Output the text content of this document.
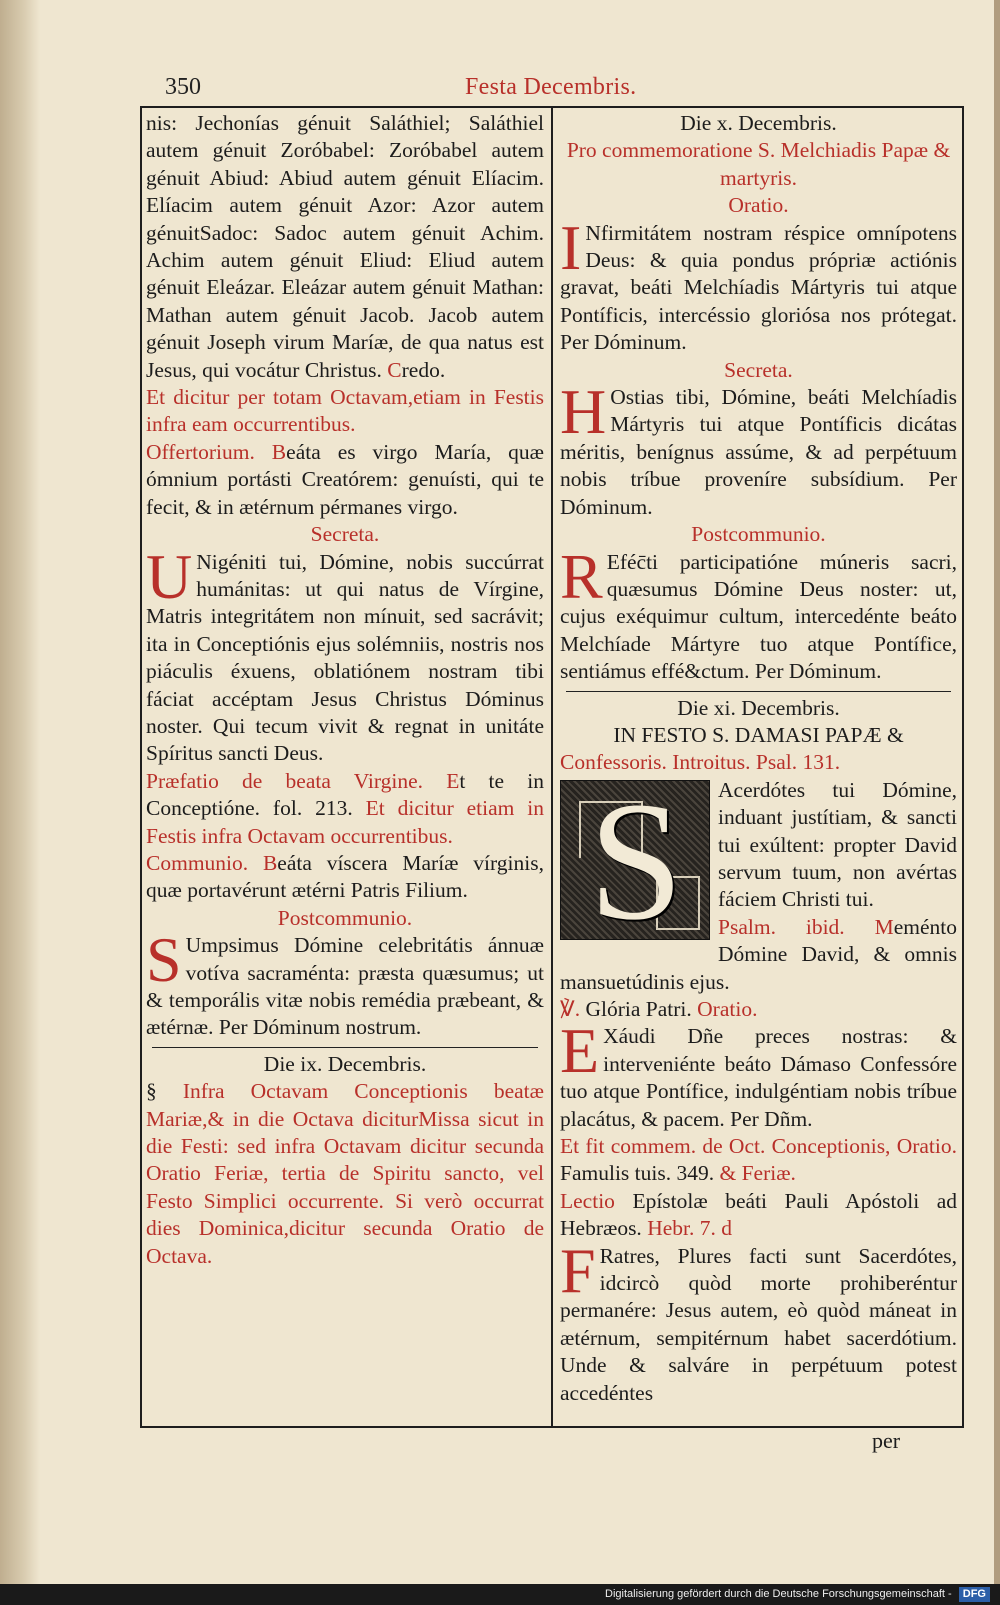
350	Festa Decembris.

nis: Jechonías génuit Saláthiel; Saláthiel autem génuit Zoróbabel: Zoróbabel autem génuit Abiud: Abiud autem génuit Elíacim. Elíacim autem génuit Azor: Azor autem génuitSadoc: Sadoc autem génuit Achim. Achim autem génuit Eliud: Eliud autem génuit Eleázar. Eleázar autem génuit Mathan: Mathan autem génuit Jacob. Jacob autem génuit Joseph virum Maríæ, de qua natus est Jesus, qui vocátur Christus. Credo.

Et dicitur per totam Octavam,etiam in Festis infra eam occurrentibus.

Offertorium. Beáta es virgo María, quæ ómnium portásti Creatórem: genuísti, qui te fecit, & in ætérnum pérmanes virgo.

Secreta.

U Nigéniti tui, Dómine, nobis succúrrat humánitas: ut qui natus de Vírgine, Matris integritátem non mínuit, sed sacrávit; ita in Conceptiónis ejus solémniis, nostris nos piáculis éxuens, oblatiónem nostram tibi fáciat accéptam Jesus Christus Dóminus noster. Qui tecum vivit & regnat in unitáte Spíritus sancti Deus.

Præfatio de beata Virgine. Et te in Conceptióne. fol. 213. Et dicitur etiam in Festis infra Octavam occurrentibus.

Communio. Beáta víscera Maríæ vírginis, quæ portavérunt ætérni Patris Filium.

Postcommunio.

S Umpsimus Dómine celebritátis ánnuæ votíva sacraménta: præsta quæsumus; ut & temporális vitæ nobis remédia præbeant, & ætérnæ. Per Dóminum nostrum.

Die ix. Decembris.

§ Infra Octavam Conceptionis beatæ Mariæ,& in die Octava diciturMissa sicut in die Festi: sed infra Octavam dicitur secunda Oratio Feriæ, tertia de Spiritu sancto, vel Festo Simplici occurrente. Si verò occurrat dies Dominica,dicitur secunda Oratio de Octava.

Die x. Decembris.

Pro commemoratione S. Melchiadis Papæ & martyris.

Oratio.

I Nfirmitátem nostram réspice omnípotens Deus: & quia pondus própriæ actiónis gravat, beáti Melchíadis Mártyris tui atque Pontíficis, intercéssio gloriósa nos prótegat. Per Dóminum.

Secreta.

H Ostias tibi, Dómine, beáti Melchíadis Mártyris tui atque Pontíficis dicátas méritis, benígnus assúme, & ad perpétuum nobis tríbue proveníre subsídium. Per Dóminum.

Postcommunio.

R Eféc̄ti participatióne múneris sacri, quæsumus Dómine Deus noster: ut, cujus exéquimur cultum, intercedénte beáto Melchíade Mártyre tuo atque Pontífice, sentiámus effé&ctum. Per Dóminum.

Die xi. Decembris.

IN FESTO S. DAMASI PAPÆ &
Confessoris. Introitus. Psal. 131.

S	Acerdótes tui Dómine, induant justítiam, & sancti tui exúltent: propter David servum tuum, non avértas fáciem Christi tui.

Psalm. ibid. Meménto Dómine David, & omnis mansuetúdinis ejus.

℣. Glória Patri. Oratio.

E Xáudi Dñe preces nostras: & interveniénte beáto Dámaso Confessóre tuo atque Pontífice, indulgéntiam nobis tríbue placátus, & pacem. Per Dñm.

Et fit commem. de Oct. Conceptionis, Oratio. Famulis tuis. 349. & Feriæ.

Lectio Epístolæ beáti Pauli Apóstoli ad Hebræos. Hebr. 7. d

F Ratres, Plures facti sunt Sacerdótes, idcircò quòd morte prohiberéntur permanére: Jesus autem, eò quòd máneat in ætérnum, sempitérnum habet sacerdótium. Unde & salváre in perpétuum potest accedéntes

per
Digitalisierung gefördert durch die Deutsche Forschungsgemeinschaft - DFG
